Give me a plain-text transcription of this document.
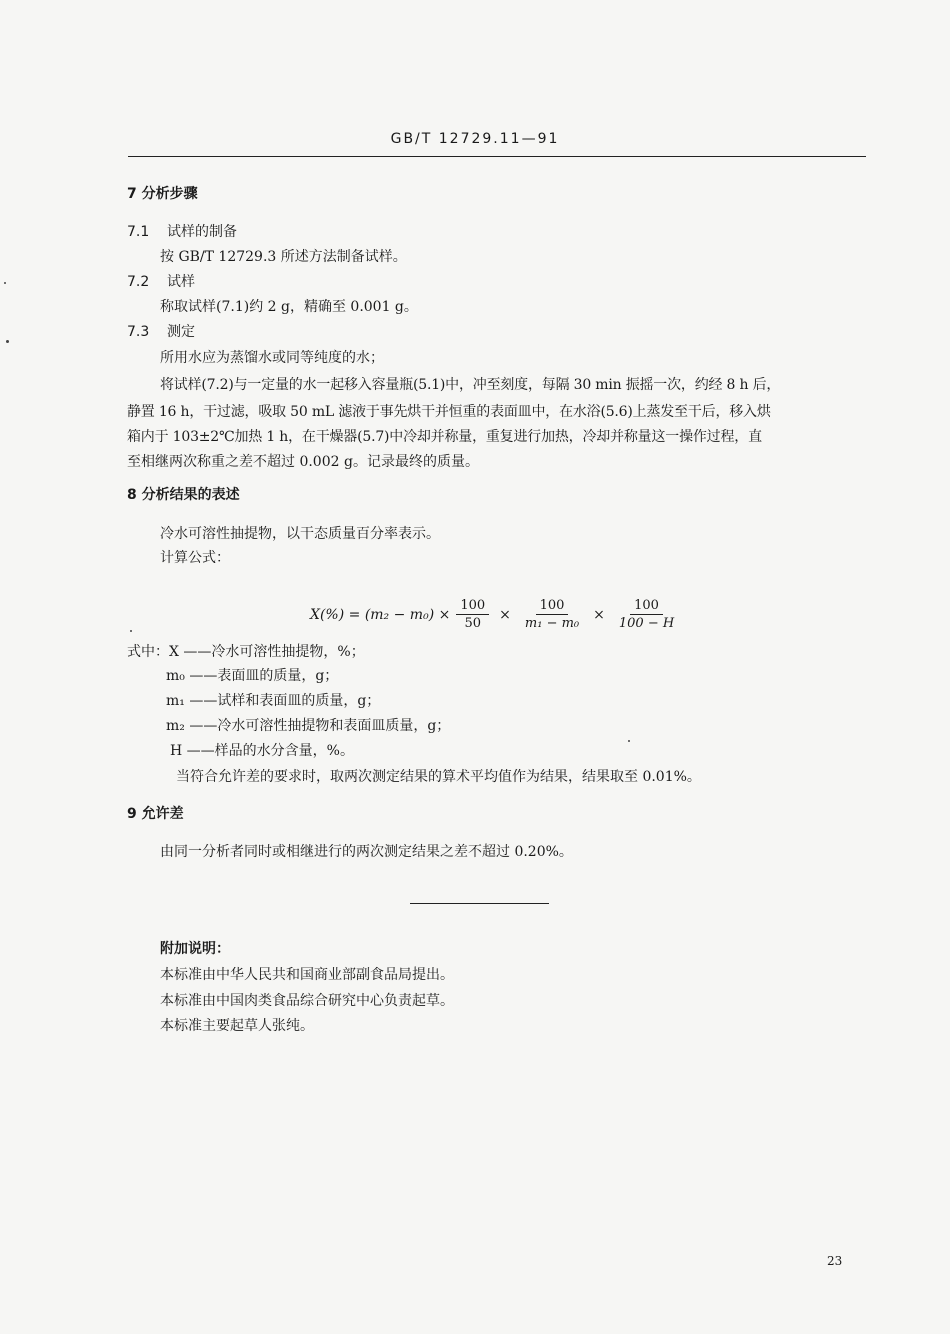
GB/T 12729.11—91
7 分析步骤
7.1 试样的制备
按 GB/T 12729.3 所述方法制备试样。
7.2 试样
称取试样(7.1)约 2 g，精确至 0.001 g。
7.3 测定
所用水应为蒸馏水或同等纯度的水；
将试样(7.2)与一定量的水一起移入容量瓶(5.1)中，冲至刻度，每隔 30 min 振摇一次，约经 8 h 后，
静置 16 h，干过滤，吸取 50 mL 滤液于事先烘干并恒重的表面皿中，在水浴(5.6)上蒸发至干后，移入烘
箱内于 103±2℃加热 1 h，在干燥器(5.7)中冷却并称量，重复进行加热，冷却并称量这一操作过程，直
至相继两次称重之差不超过 0.002 g。记录最终的质量。
8 分析结果的表述
冷水可溶性抽提物，以干态质量百分率表示。
计算公式：
$X(\%) = (m_2 - m_0) \times \frac{100}{50} \times \frac{100}{\text{m₁ − m₀}} \times \frac{100}{100 - H}$
式中：X ——冷水可溶性抽提物，%；
m₀ ——表面皿的质量，g；
m₁ ——试样和表面皿的质量，g；
m₂ ——冷水可溶性抽提物和表面皿质量，g；
H ——样品的水分含量，%。
当符合允许差的要求时，取两次测定结果的算术平均值作为结果，结果取至 0.01%。
9 允许差
由同一分析者同时或相继进行的两次测定结果之差不超过 0.20%。
附加说明：
本标准由中华人民共和国商业部副食品局提出。
本标准由中国肉类食品综合研究中心负责起草。
本标准主要起草人张纯。
23
